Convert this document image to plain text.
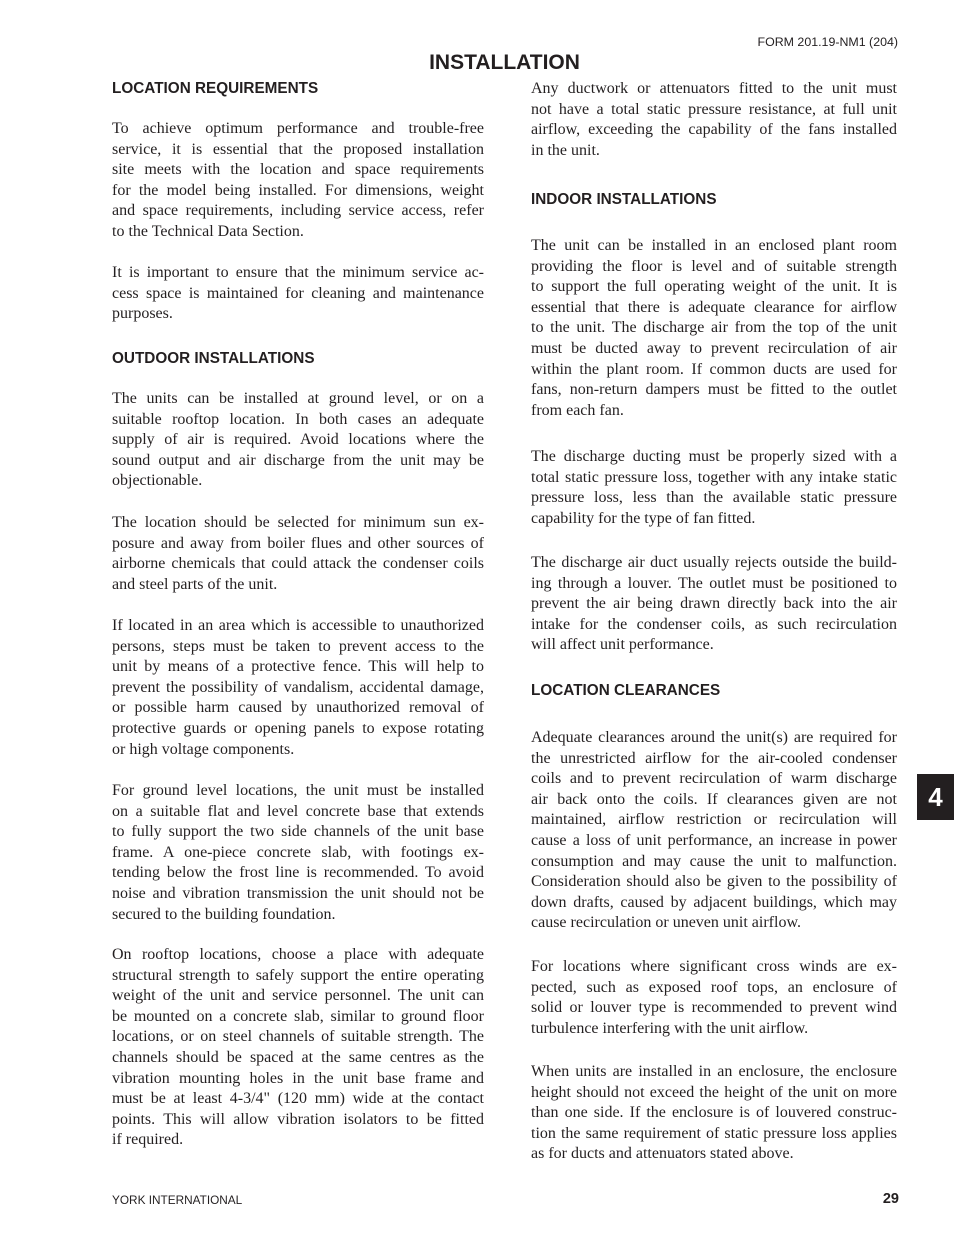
FORM 201.19-NM1 (204)
INSTALLATION
LOCATION REQUIREMENTS
To achieve optimum performance and trouble-free
service, it is essential that the proposed installation
site meets with the location and space requirements
for the model being installed. For dimensions, weight
and space requirements, including service access, refer
to the Technical Data Section.
It is important to ensure that the minimum service ac-
cess space is maintained for cleaning and maintenance
purposes.
OUTDOOR INSTALLATIONS
The units can be installed at ground level, or on a
suitable rooftop location. In both cases an adequate
supply of air is required. Avoid locations where the
sound output and air discharge from the unit may be
objectionable.
The location should be selected for minimum sun ex-
posure and away from boiler flues and other sources of
airborne chemicals that could attack the condenser coils
and steel parts of the unit.
If located in an area which is accessible to unauthorized
persons, steps must be taken to prevent access to the
unit by means of a protective fence. This will help to
prevent the possibility of vandalism, accidental damage,
or possible harm caused by unauthorized removal of
protective guards or opening panels to expose rotating
or high voltage components.
For ground level locations, the unit must be installed
on a suitable flat and level concrete base that extends
to fully support the two side channels of the unit base
frame. A one-piece concrete slab, with footings ex-
tending below the frost line is recommended. To avoid
noise and vibration transmission the unit should not be
secured to the building foundation.
On rooftop locations, choose a place with adequate
structural strength to safely support the entire operating
weight of the unit and service personnel. The unit can
be mounted on a concrete slab, similar to ground floor
locations, or on steel channels of suitable strength. The
channels should be spaced at the same centres as the
vibration mounting holes in the unit base frame and
must be at least 4-3/4" (120 mm) wide at the contact
points. This will allow vibration isolators to be fitted
if required.
Any ductwork or attenuators fitted to the unit must
not have a total static pressure resistance, at full unit
airflow, exceeding the capability of the fans installed
in the unit.
INDOOR INSTALLATIONS
The unit can be installed in an enclosed plant room
providing the floor is level and of suitable strength
to support the full operating weight of the unit. It is
essential that there is adequate clearance for airflow
to the unit. The discharge air from the top of the unit
must be ducted away to prevent recirculation of air
within the plant room. If common ducts are used for
fans, non-return dampers must be fitted to the outlet
from each fan.
The discharge ducting must be properly sized with a
total static pressure loss, together with any intake static
pressure loss, less than the available static pressure
capability for the type of fan fitted.
The discharge air duct usually rejects outside the build-
ing through a louver. The outlet must be positioned to
prevent the air being drawn directly back into the air
intake for the condenser coils, as such recirculation
will affect unit performance.
LOCATION CLEARANCES
Adequate clearances around the unit(s) are required for
the unrestricted airflow for the air-cooled condenser
coils and to prevent recirculation of warm discharge
air back onto the coils. If clearances given are not
maintained, airflow restriction or recirculation will
cause a loss of unit performance, an increase in power
consumption and may cause the unit to malfunction.
Consideration should also be given to the possibility of
down drafts, caused by adjacent buildings, which may
cause recirculation or uneven unit airflow.
For locations where significant cross winds are ex-
pected, such as exposed roof tops, an enclosure of
solid or louver type is recommended to prevent wind
turbulence interfering with the unit airflow.
When units are installed in an enclosure, the enclosure
height should not exceed the height of the unit on more
than one side. If the enclosure is of louvered construc-
tion the same requirement of static pressure loss applies
as for ducts and attenuators stated above.
4
YORK INTERNATIONAL	29
